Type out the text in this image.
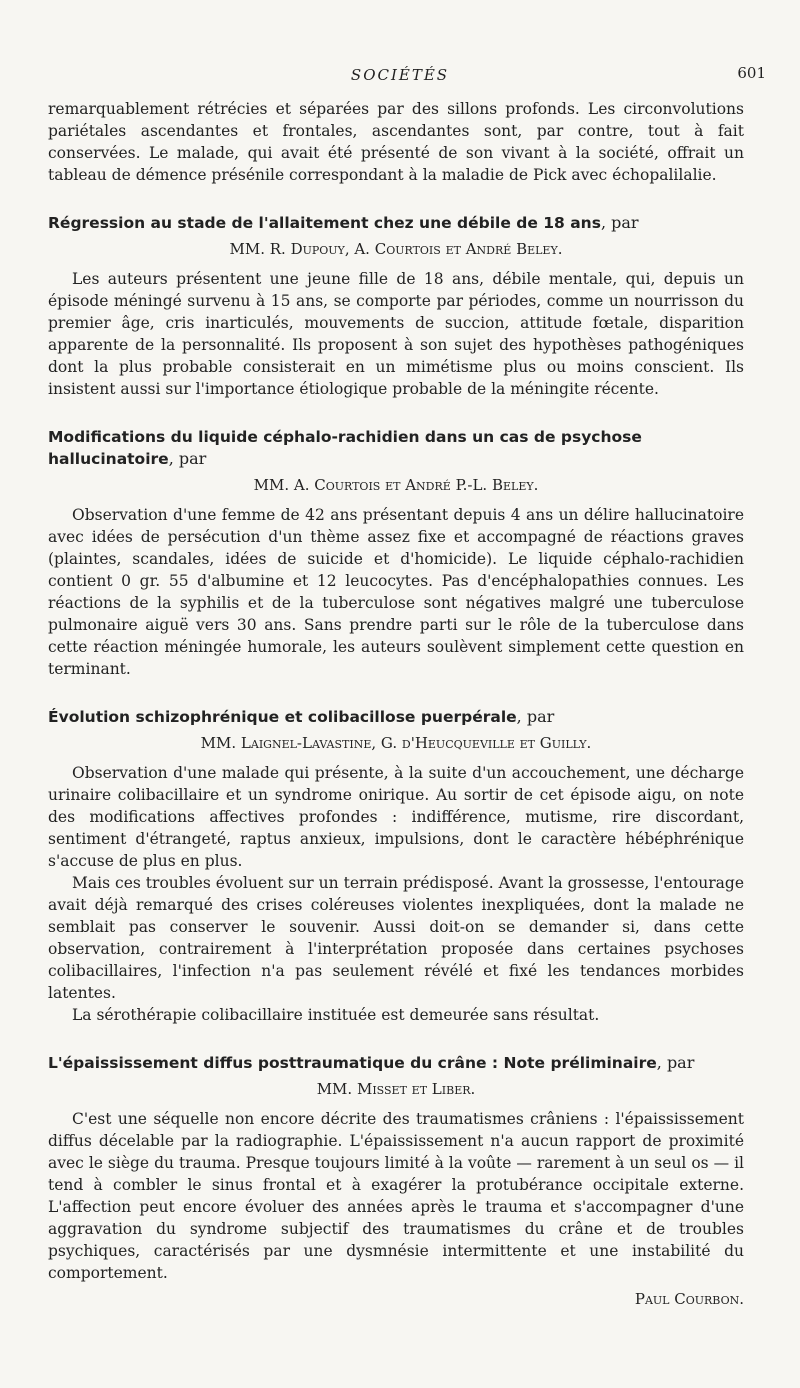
SOCIÉTÉS	601

remarquablement rétrécies et séparées par des sillons profonds. Les circonvolutions pariétales ascendantes et frontales, ascendantes sont, par contre, tout à fait conservées. Le malade, qui avait été présenté de son vivant à la société, offrait un tableau de démence présénile correspondant à la maladie de Pick avec échopalilalie.

Régression au stade de l'allaitement chez une débile de 18 ans, par

MM. R. Dupouy, A. Courtois et André Beley.

Les auteurs présentent une jeune fille de 18 ans, débile mentale, qui, depuis un épisode méningé survenu à 15 ans, se comporte par périodes, comme un nourrisson du premier âge, cris inarticulés, mouvements de succion, attitude fœtale, disparition apparente de la personnalité. Ils proposent à son sujet des hypothèses pathogéniques dont la plus probable consisterait en un mimétisme plus ou moins conscient. Ils insistent aussi sur l'importance étiologique probable de la méningite récente.

Modifications du liquide céphalo-rachidien dans un cas de psychose hallucinatoire, par

MM. A. Courtois et André P.-L. Beley.

Observation d'une femme de 42 ans présentant depuis 4 ans un délire hallucinatoire avec idées de persécution d'un thème assez fixe et accompagné de réactions graves (plaintes, scandales, idées de suicide et d'homicide). Le liquide céphalo-rachidien contient 0 gr. 55 d'albumine et 12 leucocytes. Pas d'encéphalopathies connues. Les réactions de la syphilis et de la tuberculose sont négatives malgré une tuberculose pulmonaire aiguë vers 30 ans. Sans prendre parti sur le rôle de la tuberculose dans cette réaction méningée humorale, les auteurs soulèvent simplement cette question en terminant.

Évolution schizophrénique et colibacillose puerpérale, par

MM. Laignel-Lavastine, G. d'Heucqueville et Guilly.

Observation d'une malade qui présente, à la suite d'un accouchement, une décharge urinaire colibacillaire et un syndrome onirique. Au sortir de cet épisode aigu, on note des modifications affectives profondes : indifférence, mutisme, rire discordant, sentiment d'étrangeté, raptus anxieux, impulsions, dont le caractère hébéphrénique s'accuse de plus en plus.

Mais ces troubles évoluent sur un terrain prédisposé. Avant la grossesse, l'entourage avait déjà remarqué des crises coléreuses violentes inexpliquées, dont la malade ne semblait pas conserver le souvenir. Aussi doit-on se demander si, dans cette observation, contrairement à l'interprétation proposée dans certaines psychoses colibacillaires, l'infection n'a pas seulement révélé et fixé les tendances morbides latentes.

La sérothérapie colibacillaire instituée est demeurée sans résultat.

L'épaississement diffus posttraumatique du crâne : Note préliminaire, par

MM. Misset et Liber.

C'est une séquelle non encore décrite des traumatismes crâniens : l'épaississement diffus décelable par la radiographie. L'épaississement n'a aucun rapport de proximité avec le siège du trauma. Presque toujours limité à la voûte — rarement à un seul os — il tend à combler le sinus frontal et à exagérer la protubérance occipitale externe. L'affection peut encore évoluer des années après le trauma et s'accompagner d'une aggravation du syndrome subjectif des traumatismes du crâne et de troubles psychiques, caractérisés par une dysmnésie intermittente et une instabilité du comportement.

Paul Courbon.
